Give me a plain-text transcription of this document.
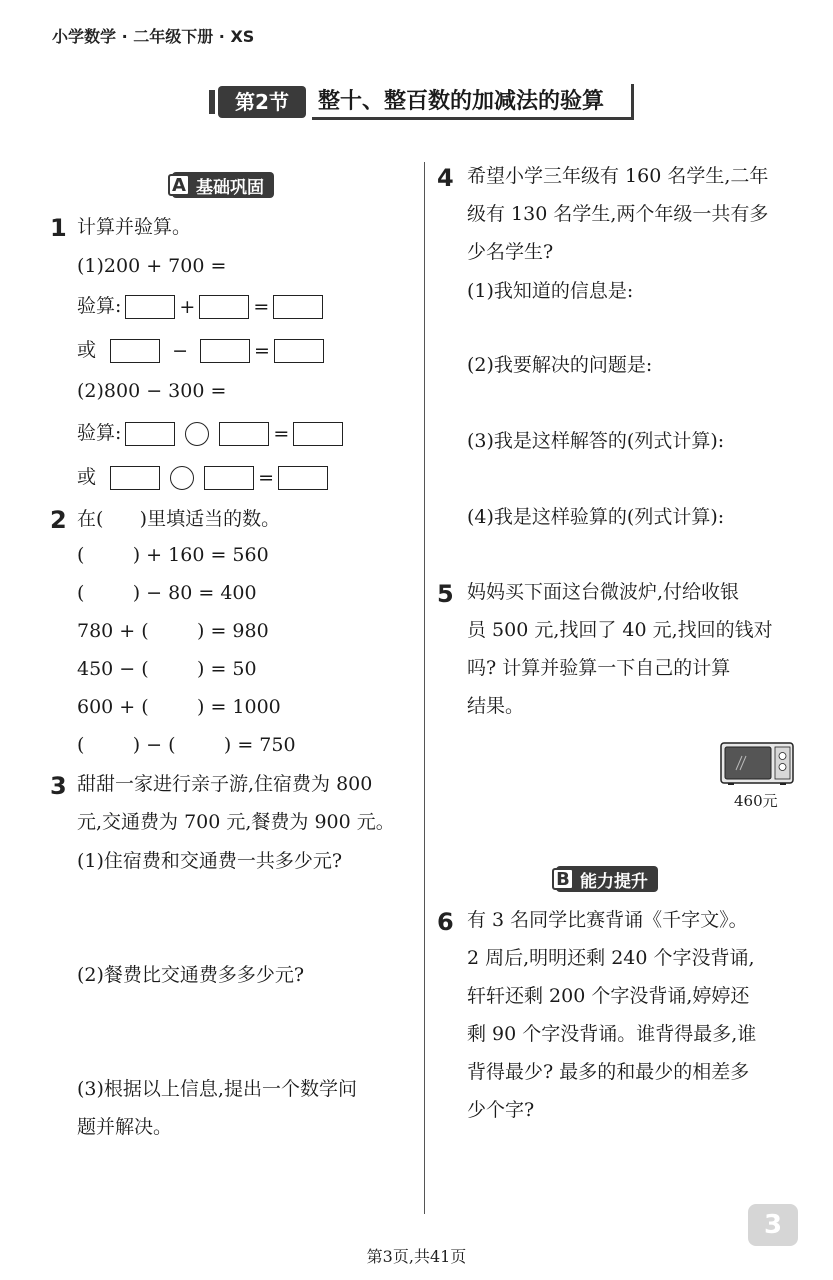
小学数学 · 二年级下册 · XS
第2节	整十、整百数的加减法的验算
A 基础巩固
1 计算并验算。
(1)200 + 700 =
验算:	+	=
或	−	=
(2)800 − 300 =
验算:	=
或	=
2 在(      )里填适当的数。
(        ) + 160 = 560
(        ) − 80 = 400
780 + (        ) = 980
450 − (        ) = 50
600 + (        ) = 1000
(        ) − (        ) = 750
3 甜甜一家进行亲子游,住宿费为 800
元,交通费为 700 元,餐费为 900 元。
(1)住宿费和交通费一共多少元?
(2)餐费比交通费多多少元?
(3)根据以上信息,提出一个数学问
题并解决。
4 希望小学三年级有 160 名学生,二年
级有 130 名学生,两个年级一共有多
少名学生?
(1)我知道的信息是:
(2)我要解决的问题是:
(3)我是这样解答的(列式计算):
(4)我是这样验算的(列式计算):
5 妈妈买下面这台微波炉,付给收银
员 500 元,找回了 40 元,找回的钱对
吗? 计算并验算一下自己的计算
结果。
460元
B 能力提升
6 有 3 名同学比赛背诵《千字文》。
2 周后,明明还剩 240 个字没背诵,
轩轩还剩 200 个字没背诵,婷婷还
剩 90 个字没背诵。谁背得最多,谁
背得最少? 最多的和最少的相差多
少个字?
3
第3页,共41页
